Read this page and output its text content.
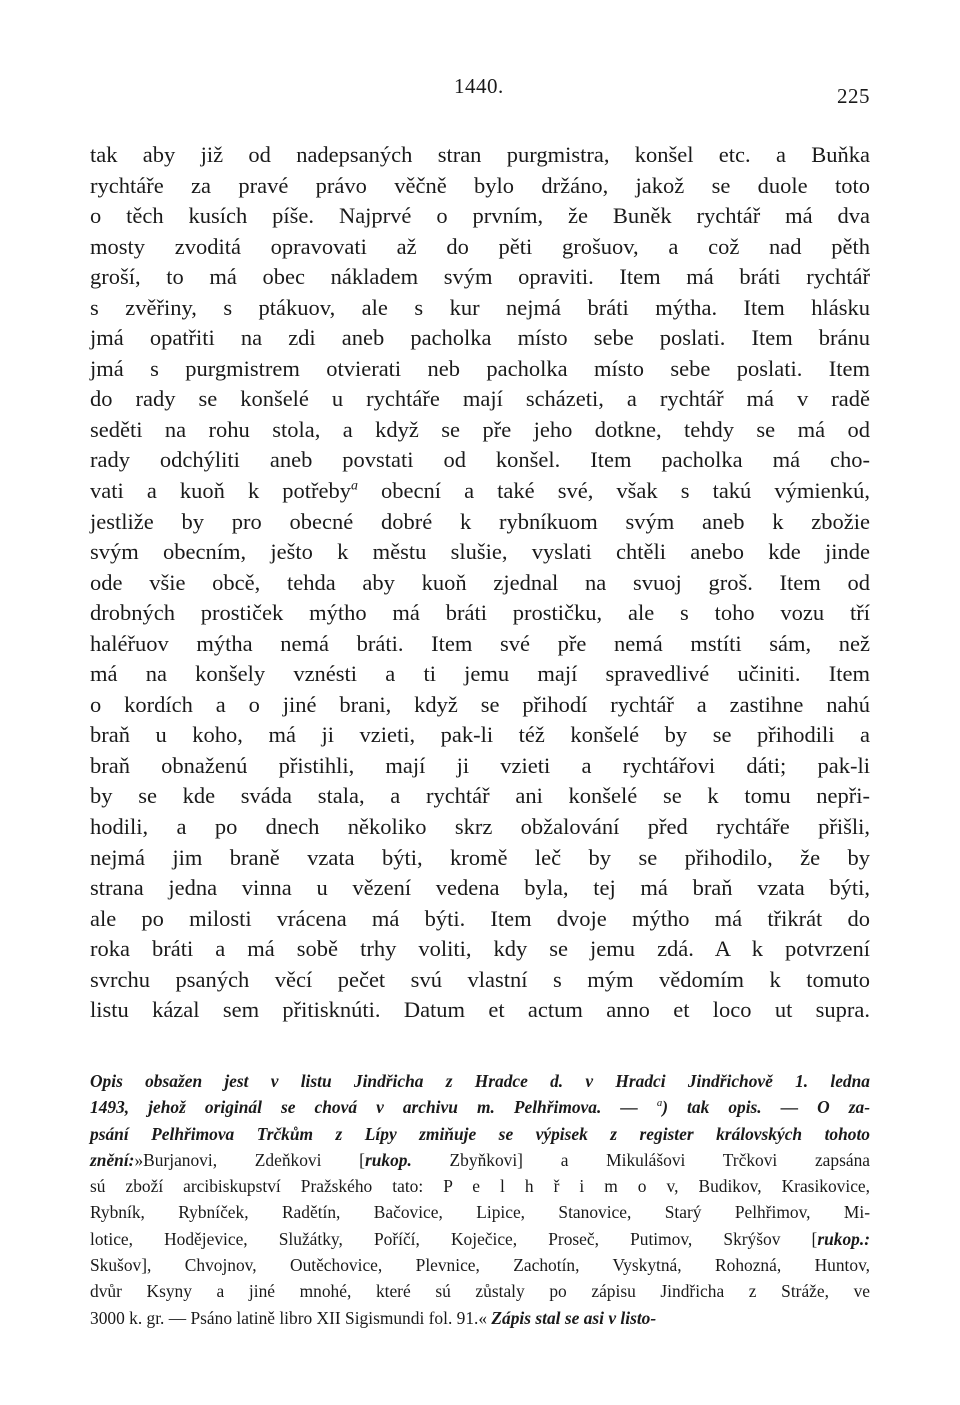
1440.	225
tak aby již od nadepsaných stran purgmistra, konšel etc. a Buňka
rychtáře za pravé právo věčně bylo držáno, jakož se duole toto
o těch kusích píše. Najprvé o prvním, že Buněk rychtář má dva
mosty zvoditá opravovati až do pěti grošuov, a což nad pěth
groší, to má obec nákladem svým opraviti. Item má bráti rychtář
s zvěřiny, s ptákuov, ale s kur nejmá bráti mýtha. Item hlásku
jmá opatřiti na zdi aneb pacholka místo sebe poslati. Item bránu
jmá s purgmistrem otvierati neb pacholka místo sebe poslati. Item
do rady se konšelé u rychtáře mají scházeti, a rychtář má v radě
seděti na rohu stola, a když se pře jeho dotkne, tehdy se má od
rady odchýliti aneb povstati od konšel. Item pacholka má cho-
vati a kuoň k potřeby$^a$ obecní a také své, však s takú výmienkú,
jestliže by pro obecné dobré k rybníkuom svým aneb k zbožie
svým obecním, ješto k městu slušie, vyslati chtěli anebo kde jinde
ode všie obcě, tehda aby kuoň zjednal na svuoj groš. Item od
drobných prostiček mýtho má bráti prostičku, ale s toho vozu tří
haléřuov mýtha nemá bráti. Item své pře nemá mstíti sám, než
má na konšely vznésti a ti jemu mají spravedlivé učiniti. Item
o kordích a o jiné brani, když se přihodí rychtář a zastihne nahú
braň u koho, má ji vzieti, pak-li též konšelé by se přihodili a
braň obnaženú přistihli, mají ji vzieti a rychtářovi dáti; pak-li
by se kde sváda stala, a rychtář ani konšelé se k tomu nepři-
hodili, a po dnech několiko skrz obžalování před rychtáře přišli,
nejmá jim braně vzata býti, kromě leč by se přihodilo, že by
strana jedna vinna u vězení vedena byla, tej má braň vzata býti,
ale po milosti vrácena má býti. Item dvoje mýtho má třikrát do
roka bráti a má sobě trhy voliti, kdy se jemu zdá. A k potvrzení
svrchu psaných věcí pečet svú vlastní s mým vědomím k tomuto
listu kázal sem přitisknúti. Datum et actum anno et loco ut supra.
Opis obsažen jest v listu Jindřicha z Hradce d. v Hradci Jindřichově 1. ledna
1493, jehož originál se chová v archivu m. Pelhřimova. — $^a$) tak opis. — O za-
psání Pelhřimova Trčkům z Lípy zmiňuje se výpisek z register královských tohoto
znění:»Burjanovi, Zdeňkovi [rukop. Zbyňkovi] a Mikulášovi Trčkovi zapsána
sú zboží arcibiskupství Pražského tato: P e l h ř i m o v, Budikov, Krasikovice,
Rybník, Rybníček, Radětín, Bačovice, Lipice, Stanovice, Starý Pelhřimov, Mi-
lotice, Hodějevice, Služátky, Poříčí, Koječice, Proseč, Putimov, Skrýšov [rukop.:
Skušov], Chvojnov, Outěchovice, Plevnice, Zachotín, Vyskytná, Rohozná, Huntov,
dvůr Ksyny a jiné mnohé, které sú zůstaly po zápisu Jindřicha z Stráže, ve
3000 k. gr. — Psáno latině libro XII Sigismundi fol. 91.« Zápis stal se asi v listo-
